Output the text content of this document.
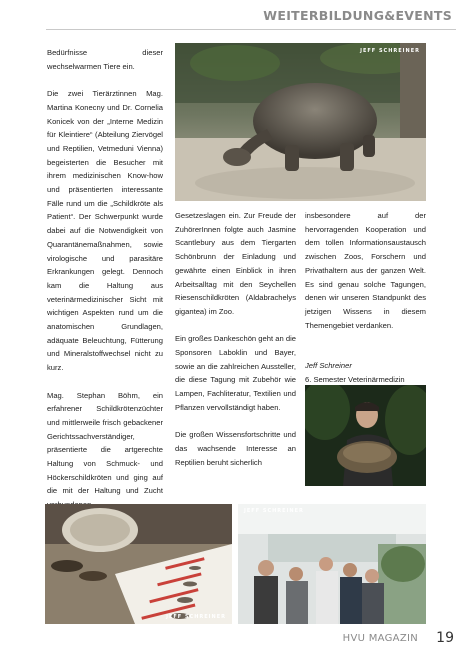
WEITERBILDUNG&EVENTS

Bedürfnisse dieser wechselwarmen Tiere ein.

Die zwei Tierärztinnen Mag. Martina Konecny und Dr. Cornelia Konicek von der „Interne Medizin für Kleintiere“ (Abteilung Ziervögel und Reptilien, Vetmeduni Vienna) begeisterten die Besucher mit ihrem medizinischen Know-how und präsentierten interessante Fälle rund um die „Schildkröte als Patient“. Der Schwerpunkt wurde dabei auf die Notwendigkeit von Quarantänemaßnahmen, sowie virologische und parasitäre Erkrankungen gelegt. Dennoch kam die Haltung aus veterinärmedizinischer Sicht mit wichtigen Aspekten rund um die anatomischen Grundlagen, adäquate Beleuchtung, Fütterung und Mineralstoffwechsel nicht zu kurz.

Mag. Stephan Böhm, ein erfahrener Schildkrötenzüchter und mittlerweile frisch gebackener Gerichtssachverständiger, präsentierte die artgerechte Haltung von Schmuck- und Höckerschildkröten und ging auf die mit der Haltung und Zucht

JEFF SCHREINER

Gesetzeslagen ein. Zur Freude der ZuhörerInnen folgte auch Jasmine Scantlebury aus dem Tiergarten Schönbrunn der Einladung und gewährte einen Einblick in ihren Arbeitsalltag mit den Seychellen Riesenschildkröten (Aldabrachelys gigantea) im Zoo.

Ein großes Dankeschön geht an die Sponsoren Laboklin und Bayer, sowie an die zahlreichen Aussteller, die diese Tagung mit Zubehör wie Lampen, Fachliteratur, Textilien und Pflanzen vervollständigt haben.

Die großen Wissensfortschritte und das wachsende Interesse an Reptilien beruht sicherlich

insbesondere auf der hervorragenden Kooperation und dem tollen Informationsaustausch zwischen Zoos, Forschern und Privathaltern aus der ganzen Welt. Es sind genau solche Tagungen, denen wir unseren Standpunkt des jetzigen Wissens in diesem Themengebiet verdanken.

Jeff Schreiner

6. Semester Veterinärmedizin

JEFF SCHREINER
JEFF SCHREINER
HVU MAGAZIN 19
